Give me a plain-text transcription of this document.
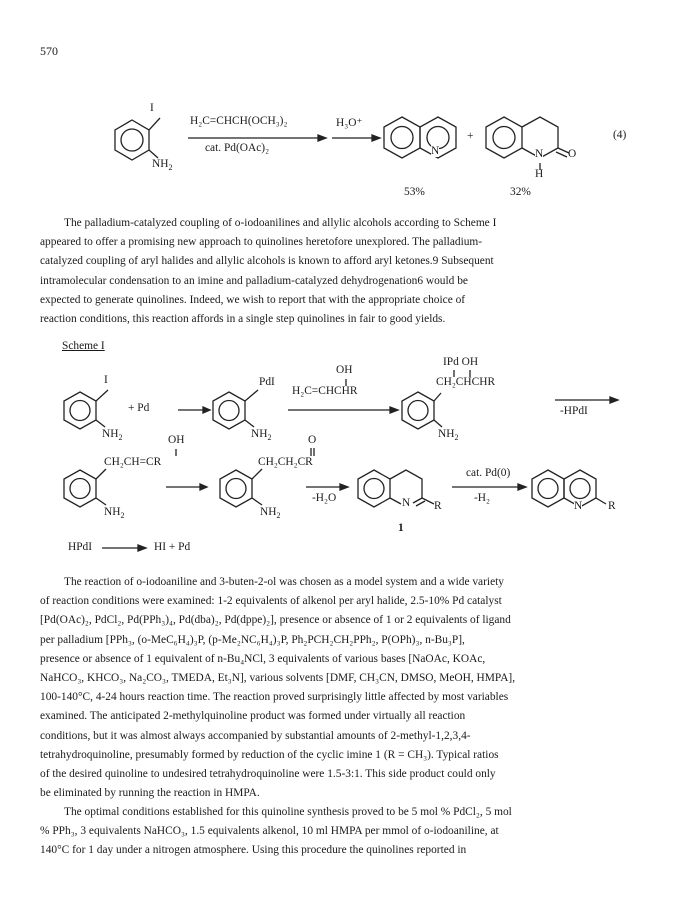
570
I
$NH_2$
H₂C=CHCH(OCH₃)₂
cat. Pd(OAc)₂
H₃O⁺
+
N	N
H
O
53%	32%
(4)
The palladium-catalyzed coupling of o-iodoanilines and allylic alcohols according to Scheme I
appeared to offer a promising new approach to quinolines heretofore unexplored. The palladium-
catalyzed coupling of aryl halides and allylic alcohols is known to afford aryl ketones.9 Subsequent
intramolecular condensation to an imine and palladium-catalyzed dehydrogenation6 would be
expected to generate quinolines. Indeed, we wish to report that with the appropriate choice of
reaction conditions, this reaction affords in a single step quinolines in fair to good yields.
Scheme I
I
$NH_2$
+ Pd
PdI
$NH_2$
OH
H₂C=CHCHR
IPd OH
CH₂CHCHR
$NH_2$
-HPdI
OH
CH₂CH=CR
$NH_2$
O
CH₂CH₂CR
$NH_2$
-H₂O	N R
1
cat. Pd(0)
-H₂
N R
HPdI	HI + Pd
The reaction of o-iodoaniline and 3-buten-2-ol was chosen as a model system and a wide variety
of reaction conditions were examined: 1-2 equivalents of alkenol per aryl halide, 2.5-10% Pd catalyst
[Pd(OAc)₂, PdCl₂, Pd(PPh₃)₄, Pd(dba)₂, Pd(dppe)₂], presence or absence of 1 or 2 equivalents of ligand
per palladium [PPh₃, (o-MeC₆H₄)₃P, (p-Me₂NC₆H₄)₃P, Ph₂PCH₂CH₂PPh₂, P(OPh)₃, n-Bu₃P],
presence or absence of 1 equivalent of n-Bu₄NCl, 3 equivalents of various bases [NaOAc, KOAc,
NaHCO₃, KHCO₃, Na₂CO₃, TMEDA, Et₃N], various solvents [DMF, CH₃CN, DMSO, MeOH, HMPA],
100-140°C, 4-24 hours reaction time. The reaction proved surprisingly little affected by most variables
examined. The anticipated 2-methylquinoline product was formed under virtually all reaction
conditions, but it was almost always accompanied by substantial amounts of 2-methyl-1,2,3,4-
tetrahydroquinoline, presumably formed by reduction of the cyclic imine 1 (R = CH₃). Typical ratios
of the desired quinoline to undesired tetrahydroquinoline were 1.5-3:1. This side product could only
be eliminated by running the reaction in HMPA.
The optimal conditions established for this quinoline synthesis proved to be 5 mol % PdCl₂, 5 mol
% PPh₃, 3 equivalents NaHCO₃, 1.5 equivalents alkenol, 10 ml HMPA per mmol of o-iodoaniline, at
140°C for 1 day under a nitrogen atmosphere. Using this procedure the quinolines reported in
